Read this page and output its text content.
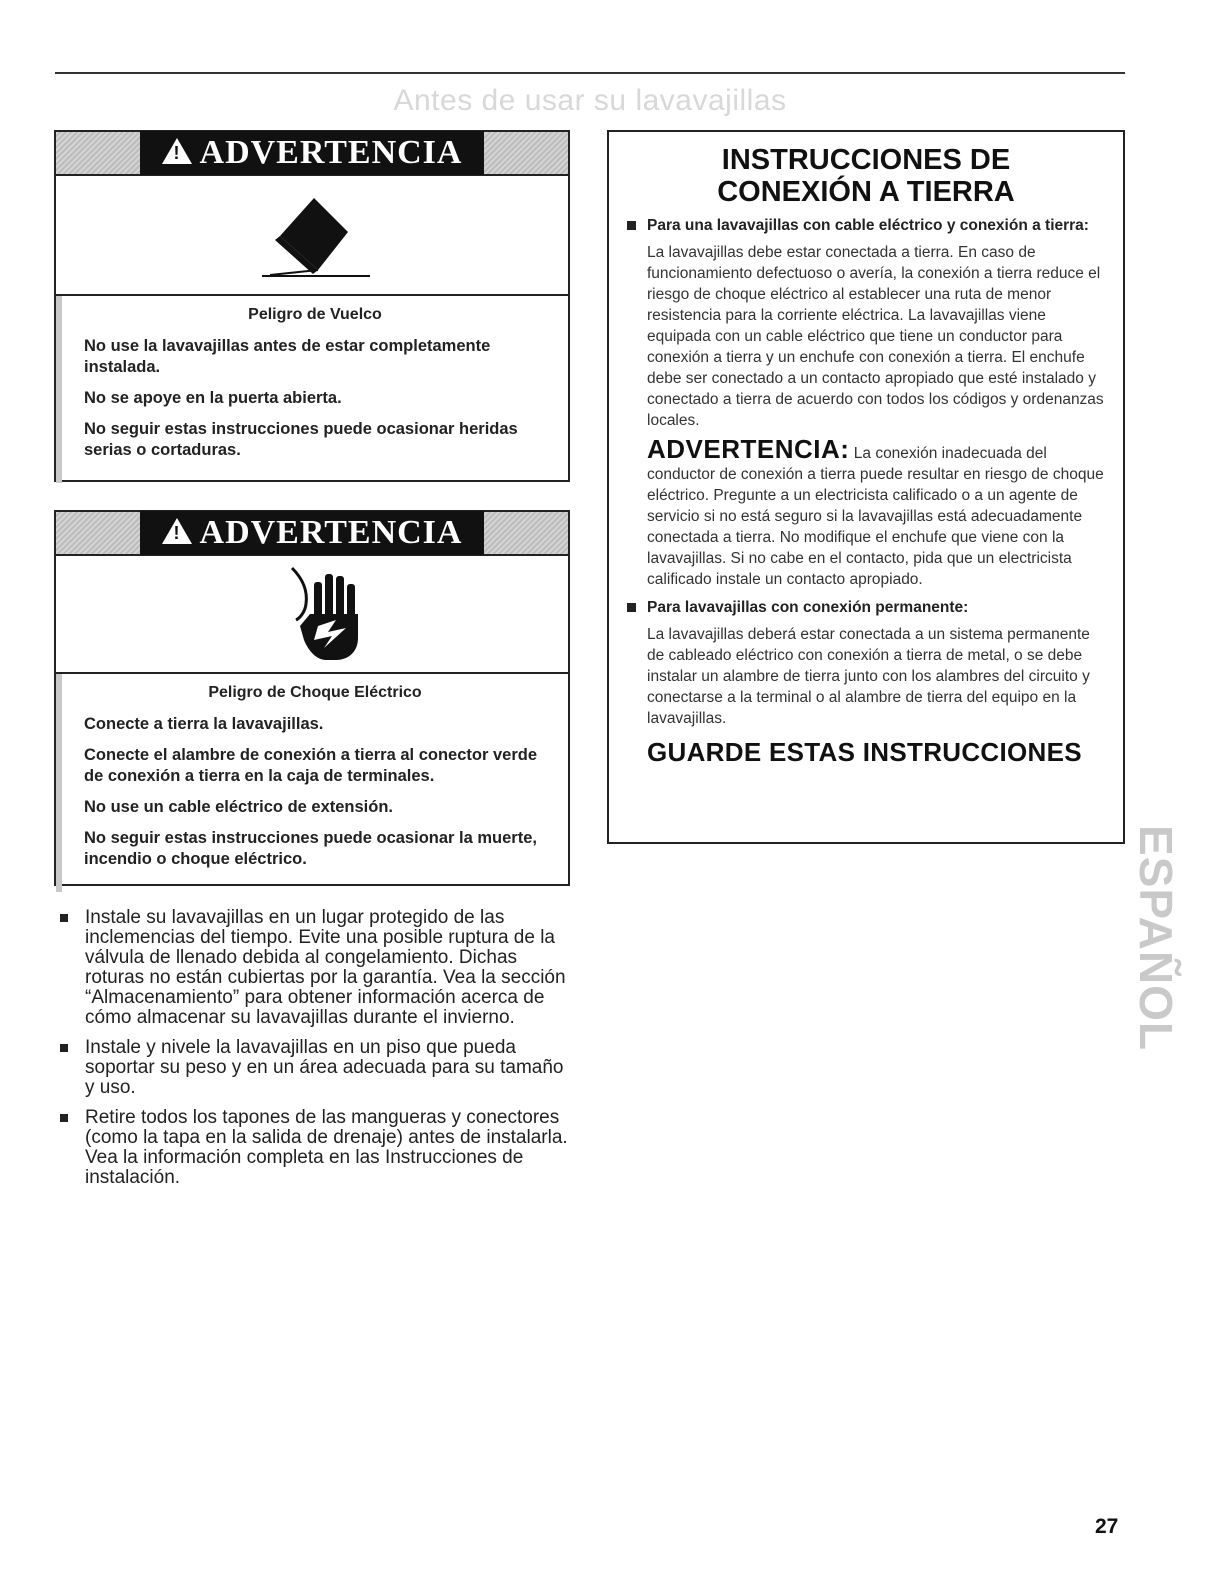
Antes de usar su lavavajillas
! ADVERTENCIA
Peligro de Vuelco
No use la lavavajillas antes de estar completamente instalada.
No se apoye en la puerta abierta.
No seguir estas instrucciones puede ocasionar heridas serias o cortaduras.
! ADVERTENCIA
Peligro de Choque Eléctrico
Conecte a tierra la lavavajillas.
Conecte el alambre de conexión a tierra al conector verde de conexión a tierra en la caja de terminales.
No use un cable eléctrico de extensión.
No seguir estas instrucciones puede ocasionar la muerte, incendio o choque eléctrico.
INSTRUCCIONES DE
CONEXIÓN A TIERRA
Para una lavavajillas con cable eléctrico y conexión a tierra:
La lavavajillas debe estar conectada a tierra. En caso de funcionamiento defectuoso o avería, la conexión a tierra reduce el riesgo de choque eléctrico al establecer una ruta de menor resistencia para la corriente eléctrica. La lavavajillas viene equipada con un cable eléctrico que tiene un conductor para conexión a tierra y un enchufe con conexión a tierra. El enchufe debe ser conectado a un contacto apropiado que esté instalado y conectado a tierra de acuerdo con todos los códigos y ordenanzas locales.
ADVERTENCIA: La conexión inadecuada del conductor de conexión a tierra puede resultar en riesgo de choque eléctrico. Pregunte a un electricista calificado o a un agente de servicio si no está seguro si la lavavajillas está adecuadamente conectada a tierra. No modifique el enchufe que viene con la lavavajillas. Si no cabe en el contacto, pida que un electricista calificado instale un contacto apropiado.
Para lavavajillas con conexión permanente:
La lavavajillas deberá estar conectada a un sistema permanente de cableado eléctrico con conexión a tierra de metal, o se debe instalar un alambre de tierra junto con los alambres del circuito y conectarse a la terminal o al alambre de tierra del equipo en la lavavajillas.
GUARDE ESTAS INSTRUCCIONES
Instale su lavavajillas en un lugar protegido de las inclemencias del tiempo. Evite una posible ruptura de la válvula de llenado debida al congelamiento. Dichas roturas no están cubiertas por la garantía. Vea la sección “Almacenamiento” para obtener información acerca de cómo almacenar su lavavajillas durante el invierno.
Instale y nivele la lavavajillas en un piso que pueda soportar su peso y en un área adecuada para su tamaño y uso.
Retire todos los tapones de las mangueras y conectores (como la tapa en la salida de drenaje) antes de instalarla. Vea la información completa en las Instrucciones de instalación.
ESPAÑOL
27
